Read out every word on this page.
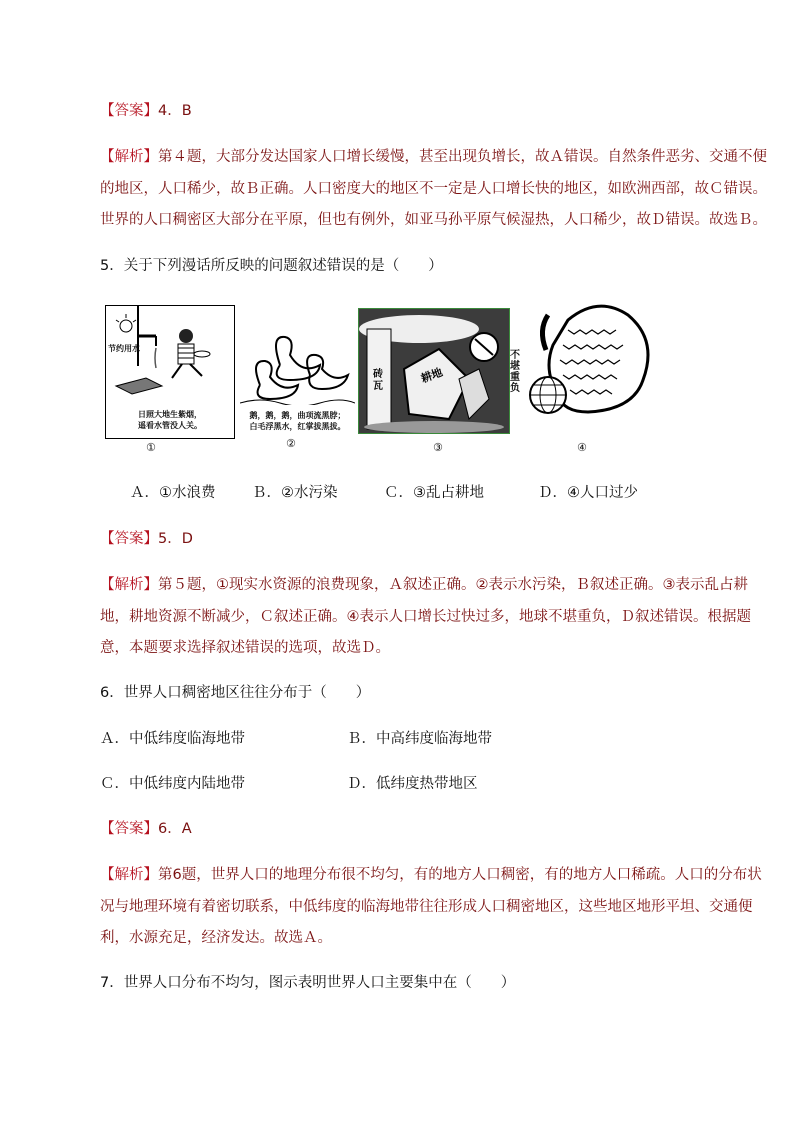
【答案】4．B
【解析】第４题，大部分发达国家人口增长缓慢，甚至出现负增长，故Ａ错误。自然条件恶劣、交通不便
的地区，人口稀少，故Ｂ正确。人口密度大的地区不一定是人口增长快的地区，如欧洲西部，故Ｃ错误。
世界的人口稠密区大部分在平原，但也有例外，如亚马孙平原气候湿热，人口稀少，故Ｄ错误。故选Ｂ。
5．关于下列漫话所反映的问题叙述错误的是（　　）
节约用水
日照大地生紫烟，
遥看水管没人关。
①
鹅，鹅，鹅，曲项流黑脖；
白毛浮黑水，红掌拔黑拔。
②
砖瓦
耕地
③
不堪重负
④
Ａ．①水浪费	Ｂ．②水污染	Ｃ．③乱占耕地	Ｄ．④人口过少
【答案】5．D
【解析】第５题，①现实水资源的浪费现象，Ａ叙述正确。②表示水污染，Ｂ叙述正确。③表示乱占耕
地，耕地资源不断减少，Ｃ叙述正确。④表示人口增长过快过多，地球不堪重负，Ｄ叙述错误。根据题
意，本题要求选择叙述错误的选项，故选Ｄ。
6．世界人口稠密地区往往分布于（　　）
Ａ．中低纬度临海地带	Ｂ．中高纬度临海地带
Ｃ．中低纬度内陆地带	Ｄ．低纬度热带地区
【答案】6．A
【解析】第6题，世界人口的地理分布很不均匀，有的地方人口稠密，有的地方人口稀疏。人口的分布状
况与地理环境有着密切联系，中低纬度的临海地带往往形成人口稠密地区，这些地区地形平坦、交通便
利，水源充足，经济发达。故选Ａ。
7．世界人口分布不均匀，图示表明世界人口主要集中在（　　）
